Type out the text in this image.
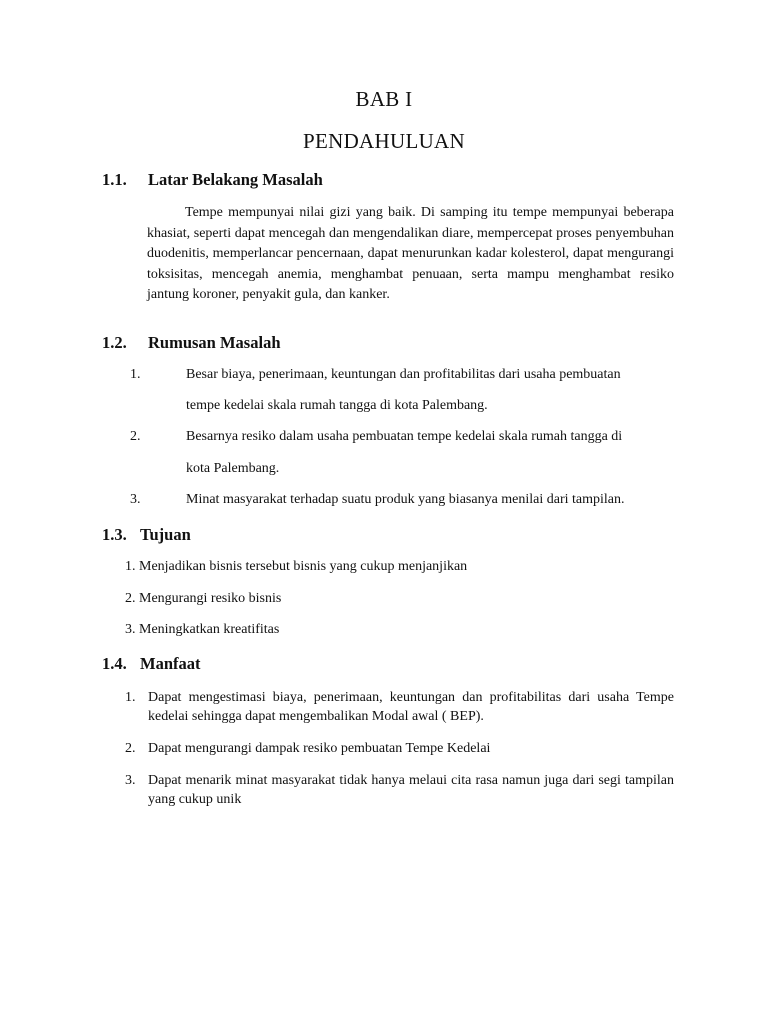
BAB I
PENDAHULUAN
1.1. Latar Belakang Masalah
Tempe mempunyai nilai gizi yang baik. Di samping itu tempe mempunyai beberapa khasiat, seperti dapat mencegah dan mengendalikan diare, mempercepat proses penyembuhan duodenitis, memperlancar pencernaan, dapat menurunkan kadar kolesterol, dapat mengurangi toksisitas, mencegah anemia, menghambat penuaan, serta mampu menghambat resiko jantung koroner, penyakit gula, dan kanker.
1.2. Rumusan Masalah
1.	Besar biaya, penerimaan, keuntungan dan profitabilitas dari usaha pembuatan
tempe kedelai skala rumah tangga di kota Palembang.
2.	Besarnya resiko dalam usaha pembuatan tempe kedelai skala rumah tangga di
kota Palembang.
3.	Minat masyarakat terhadap suatu produk yang biasanya menilai dari tampilan.
1.3. Tujuan
1. Menjadikan bisnis tersebut bisnis yang cukup menjanjikan
2. Mengurangi resiko bisnis
3. Meningkatkan kreatifitas
1.4. Manfaat
1. Dapat mengestimasi biaya, penerimaan, keuntungan dan profitabilitas dari usaha Tempe kedelai sehingga dapat mengembalikan Modal awal ( BEP).
2. Dapat mengurangi dampak resiko pembuatan Tempe Kedelai
3. Dapat menarik minat masyarakat tidak hanya melaui cita rasa namun juga dari segi tampilan yang cukup unik
